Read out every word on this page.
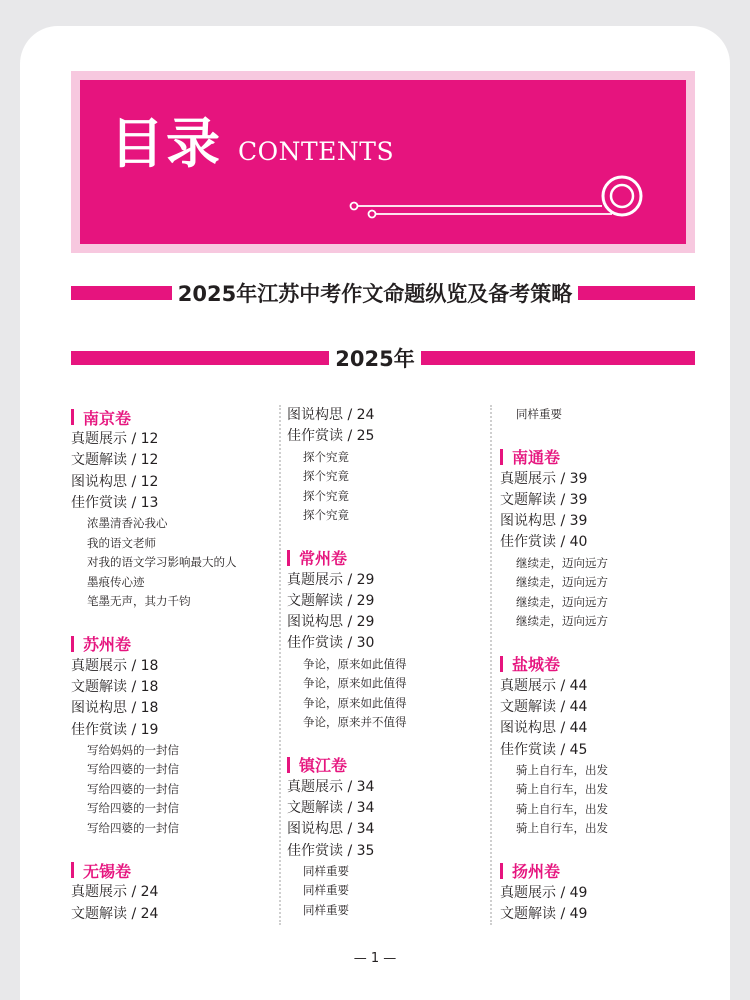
目录 CONTENTS
2025年江苏中考作文命题纵览及备考策略
2025年
南京卷
真题展示 / 12
文题解读 / 12
图说构思 / 12
佳作赏读 / 13
浓墨清香沁我心
我的语文老师
对我的语文学习影响最大的人
墨痕传心迹
笔墨无声，其力千钧
苏州卷
真题展示 / 18
文题解读 / 18
图说构思 / 18
佳作赏读 / 19
写给妈妈的一封信
写给四婆的一封信
写给四婆的一封信
写给四婆的一封信
写给四婆的一封信
无锡卷
真题展示 / 24
文题解读 / 24
图说构思 / 24
佳作赏读 / 25
探个究竟
探个究竟
探个究竟
探个究竟
常州卷
真题展示 / 29
文题解读 / 29
图说构思 / 29
佳作赏读 / 30
争论，原来如此值得
争论，原来如此值得
争论，原来如此值得
争论，原来并不值得
镇江卷
真题展示 / 34
文题解读 / 34
图说构思 / 34
佳作赏读 / 35
同样重要
同样重要
同样重要
同样重要
南通卷
真题展示 / 39
文题解读 / 39
图说构思 / 39
佳作赏读 / 40
继续走，迈向远方
继续走，迈向远方
继续走，迈向远方
继续走，迈向远方
盐城卷
真题展示 / 44
文题解读 / 44
图说构思 / 44
佳作赏读 / 45
骑上自行车，出发
骑上自行车，出发
骑上自行车，出发
骑上自行车，出发
扬州卷
真题展示 / 49
文题解读 / 49
— 1 —
